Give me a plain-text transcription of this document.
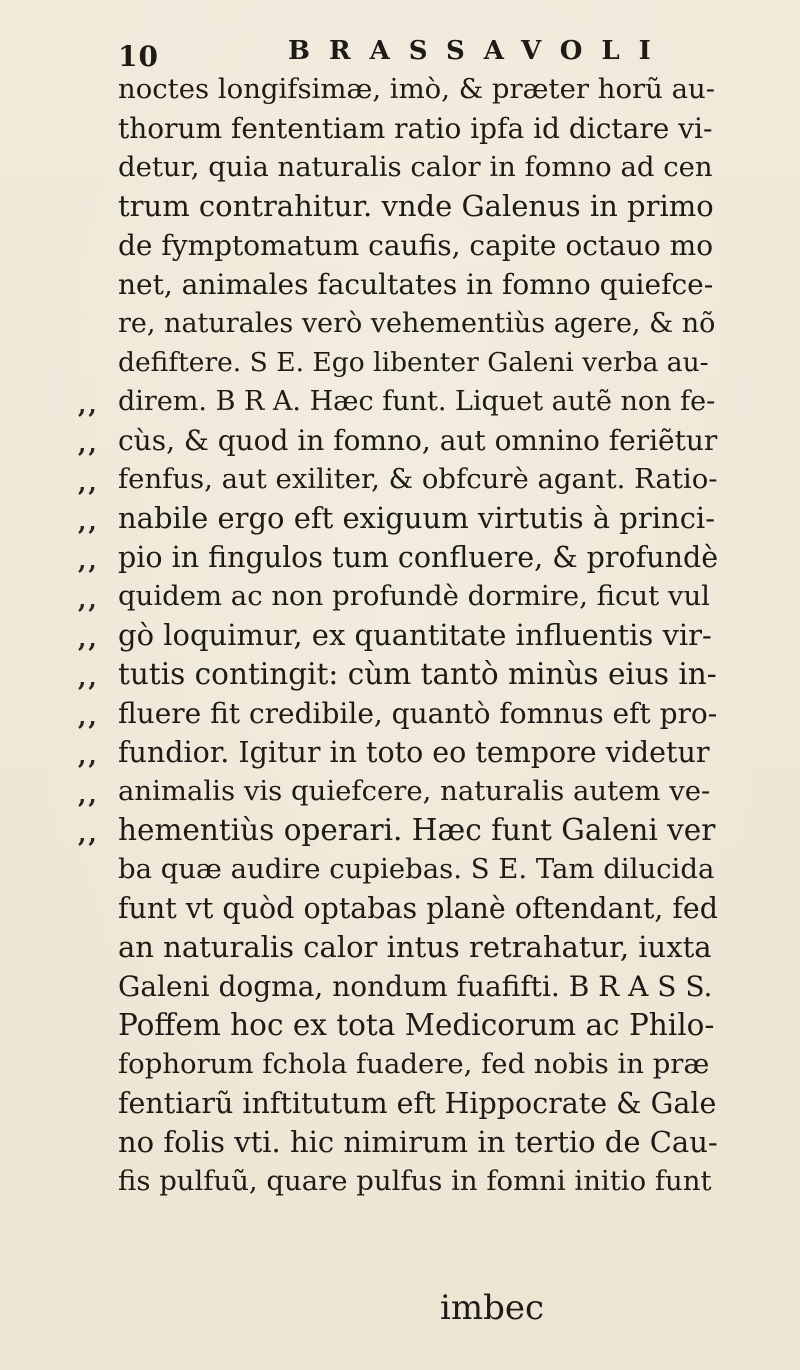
10	BRASSAVOLI
noctes longifsimæ, imò, & præter horũ au-
thorum fententiam ratio ipfa id dictare vi-
detur, quia naturalis calor in fomno ad cen
trum contrahitur. vnde Galenus in primo
de fymptomatum caufis, capite octauo mo
net, animales facultates in fomno quiefce-
re, naturales verò vehementiùs agere, & nõ
defiftere. S E. Ego libenter Galeni verba au-
,, direm. B R A. Hæc funt. Liquet autẽ non fe-
,, cùs, & quod in fomno, aut omnino feriẽtur
,, fenfus, aut exiliter, & obfcurè agant. Ratio-
,, nabile ergo eft exiguum virtutis à princi-
,, pio in fingulos tum confluere, & profundè
,, quidem ac non profundè dormire, ficut vul
,, gò loquimur, ex quantitate influentis vir-
,, tutis contingit: cùm tantò minùs eius in-
,, fluere fit credibile, quantò fomnus eft pro-
,, fundior. Igitur in toto eo tempore videtur
,, animalis vis quiefcere, naturalis autem ve-
,, hementiùs operari. Hæc funt Galeni ver
ba quæ audire cupiebas. S E. Tam dilucida
funt vt quòd optabas planè oftendant, fed
an naturalis calor intus retrahatur, iuxta
Galeni dogma, nondum fuafifti. B R A S S.
Poffem hoc ex tota Medicorum ac Philo-
fophorum fchola fuadere, fed nobis in præ
fentiarũ inftitutum eft Hippocrate & Gale
no folis vti. hic nimirum in tertio de Cau-
fis pulfuũ, quare pulfus in fomni initio funt
imbec
